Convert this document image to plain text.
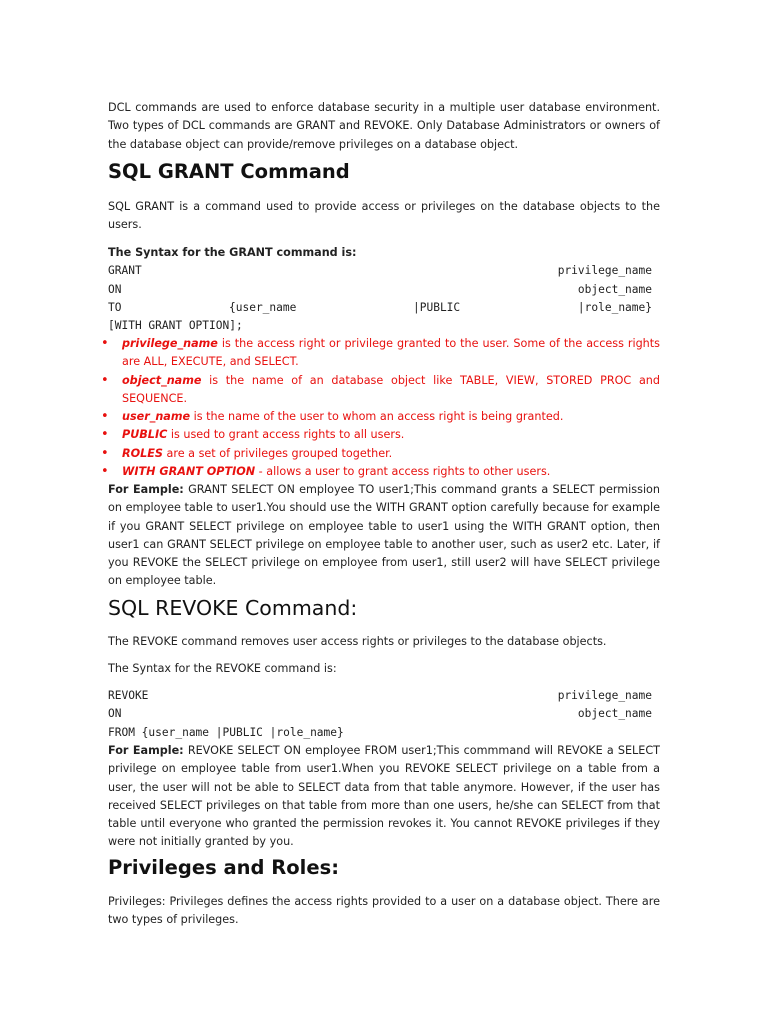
DCL commands are used to enforce database security in a multiple user database environment. Two types of DCL commands are GRANT and REVOKE. Only Database Administrators or owners of the database object can provide/remove privileges on a database object.

SQL GRANT Command

SQL GRANT is a command used to provide access or privileges on the database objects to the users.

The Syntax for the GRANT command is:

GRANT	privilege_name
ON	object_name
TO	{user_name	|PUBLIC	|role_name}
[WITH GRANT OPTION];
• privilege_name is the access right or privilege granted to the user. Some of the access rights are ALL, EXECUTE, and SELECT.
• object_name is the name of an database object like TABLE, VIEW, STORED PROC and SEQUENCE.
• user_name is the name of the user to whom an access right is being granted.
• PUBLIC is used to grant access rights to all users.
• ROLES are a set of privileges grouped together.
• WITH GRANT OPTION - allows a user to grant access rights to other users.

For Eample: GRANT SELECT ON employee TO user1;This command grants a SELECT permission on employee table to user1.You should use the WITH GRANT option carefully because for example if you GRANT SELECT privilege on employee table to user1 using the WITH GRANT option, then user1 can GRANT SELECT privilege on employee table to another user, such as user2 etc. Later, if you REVOKE the SELECT privilege on employee from user1, still user2 will have SELECT privilege on employee table.

SQL REVOKE Command:

The REVOKE command removes user access rights or privileges to the database objects.

The Syntax for the REVOKE command is:

REVOKE	privilege_name
ON	object_name
FROM {user_name |PUBLIC |role_name}

For Eample: REVOKE SELECT ON employee FROM user1;This commmand will REVOKE a SELECT privilege on employee table from user1.When you REVOKE SELECT privilege on a table from a user, the user will not be able to SELECT data from that table anymore. However, if the user has received SELECT privileges on that table from more than one users, he/she can SELECT from that table until everyone who granted the permission revokes it. You cannot REVOKE privileges if they were not initially granted by you.

Privileges and Roles:

Privileges: Privileges defines the access rights provided to a user on a database object. There are two types of privileges.
